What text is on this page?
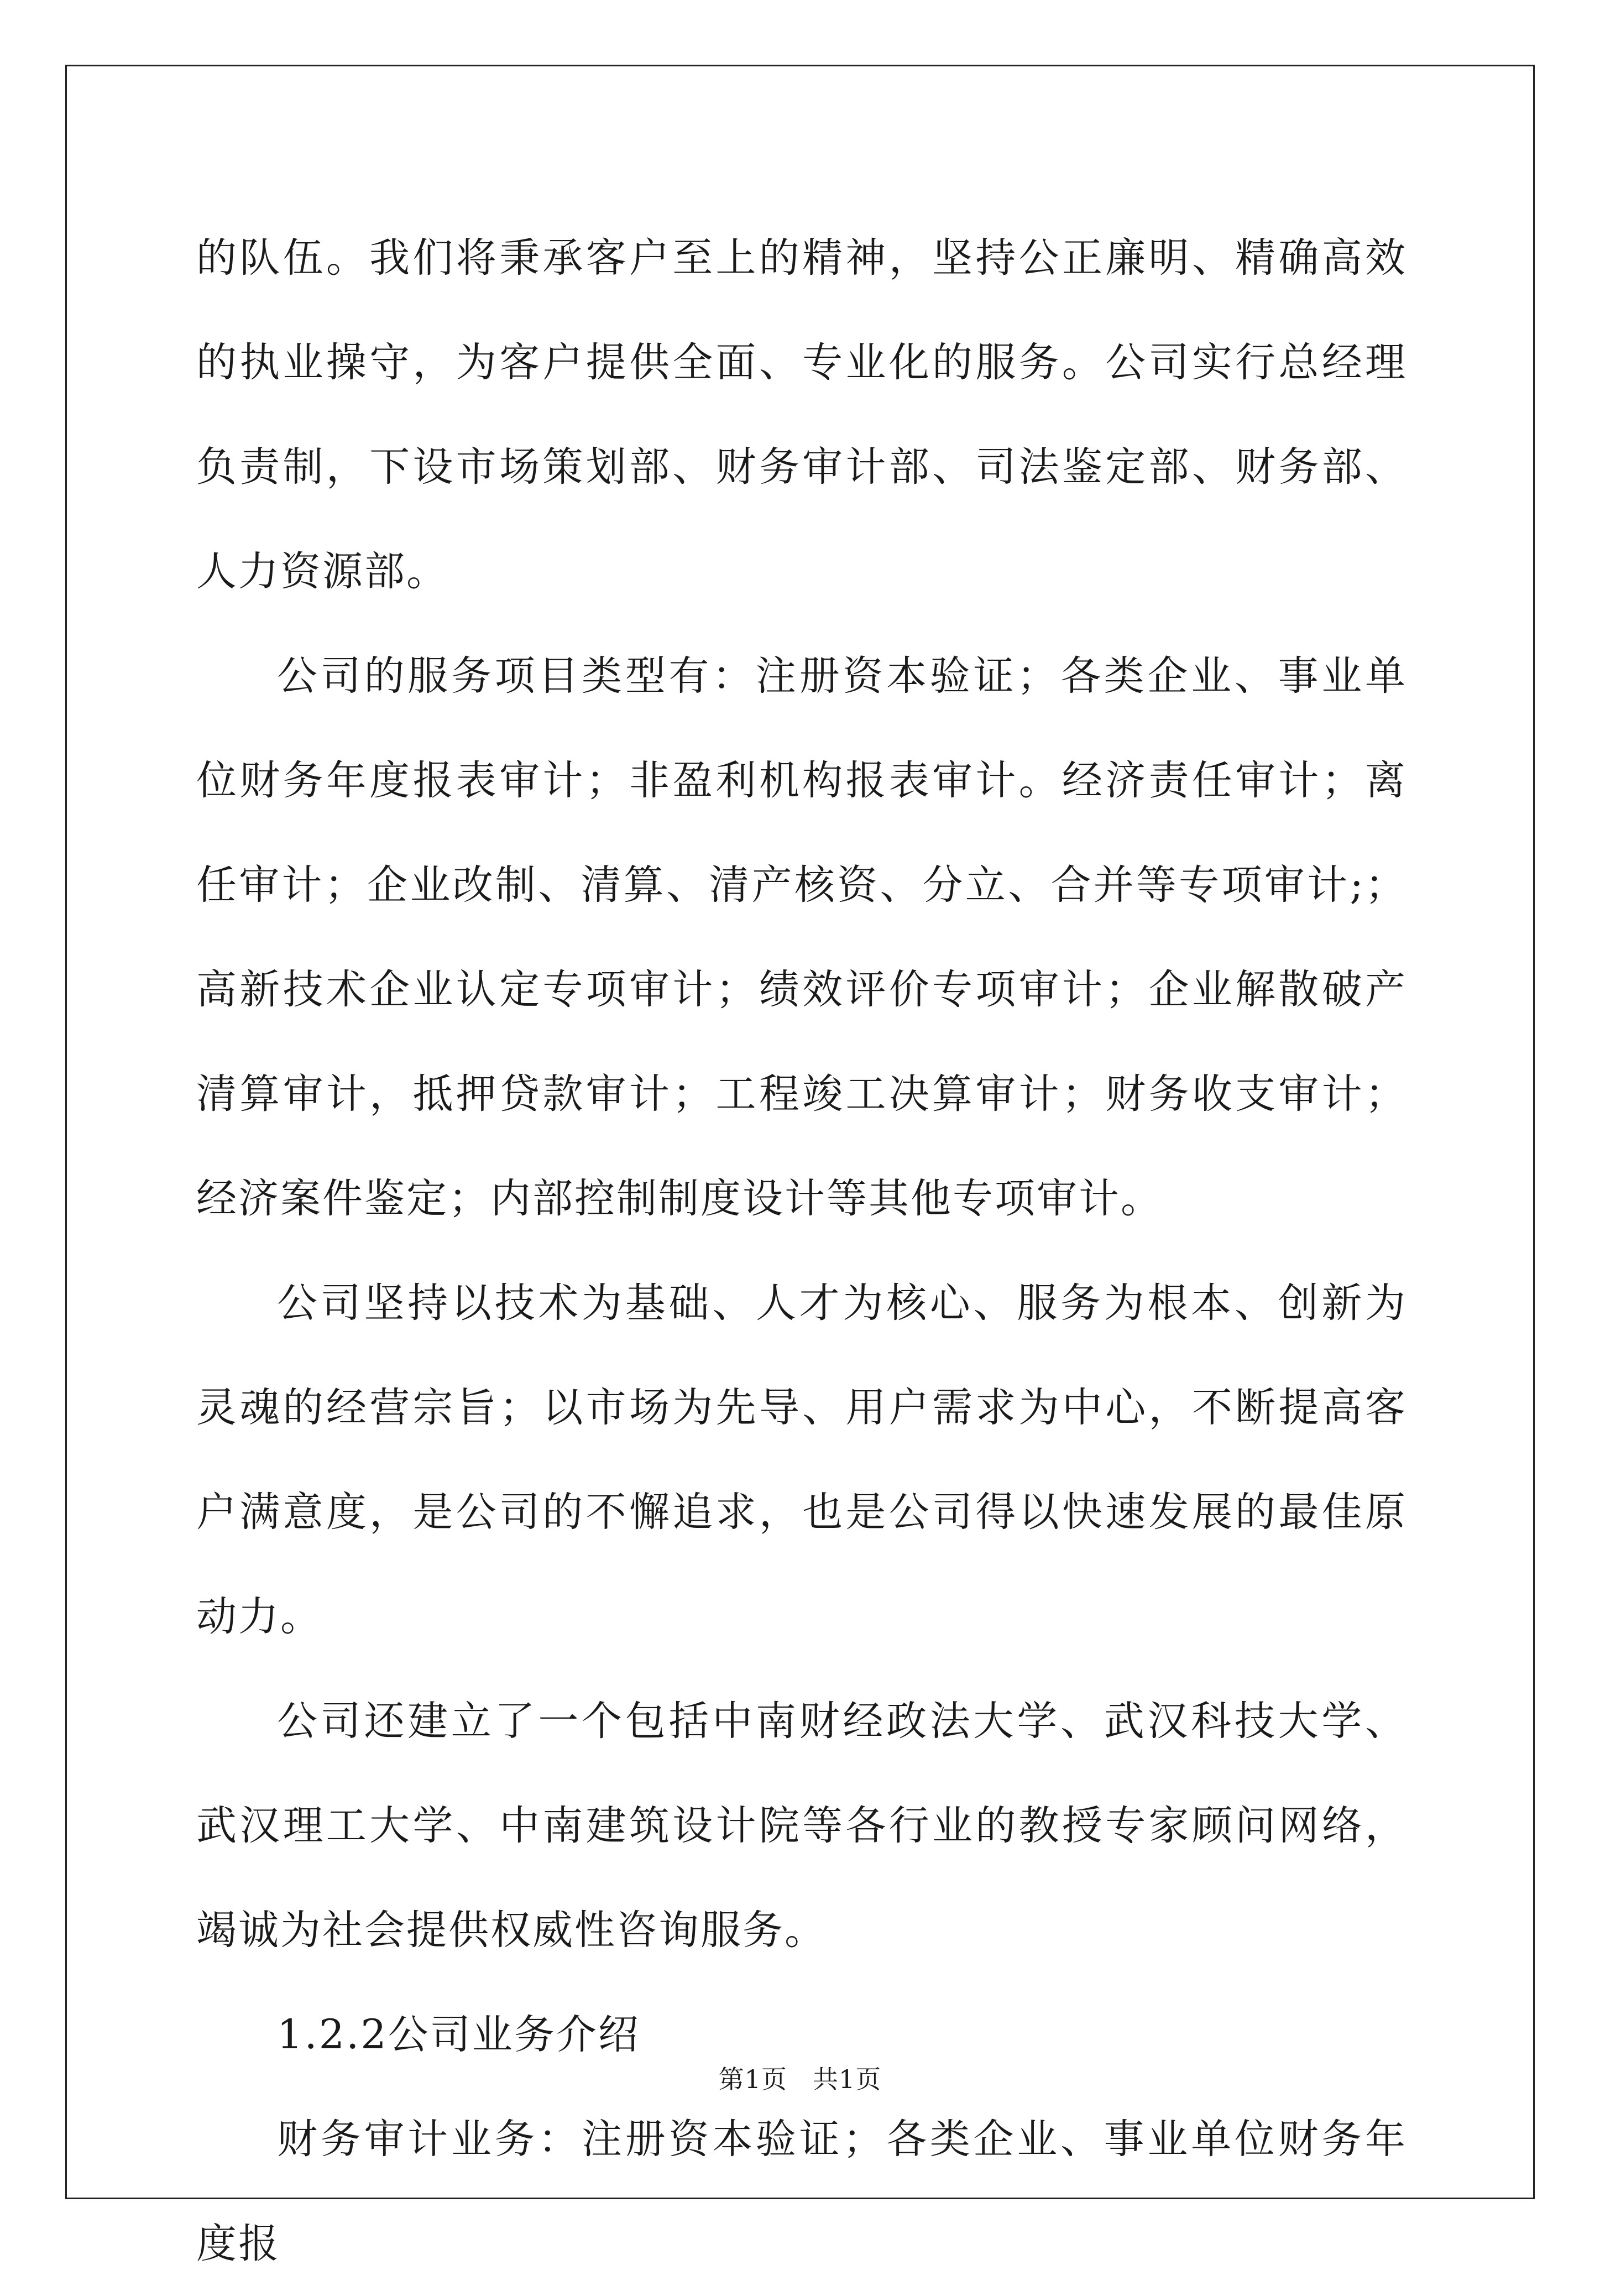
的队伍。我们将秉承客户至上的精神，坚持公正廉明、精确高效的执业操守，为客户提供全面、专业化的服务。公司实行总经理负责制，下设市场策划部、财务审计部、司法鉴定部、财务部、人力资源部。

公司的服务项目类型有：注册资本验证；各类企业、事业单位财务年度报表审计；非盈利机构报表审计。经济责任审计；离任审计；企业改制、清算、清产核资、分立、合并等专项审计;；高新技术企业认定专项审计；绩效评价专项审计；企业解散破产清算审计，抵押贷款审计；工程竣工决算审计；财务收支审计；经济案件鉴定；内部控制制度设计等其他专项审计。

公司坚持以技术为基础、人才为核心、服务为根本、创新为灵魂的经营宗旨；以市场为先导、用户需求为中心，不断提高客户满意度，是公司的不懈追求，也是公司得以快速发展的最佳原动力。

公司还建立了一个包括中南财经政法大学、武汉科技大学、武汉理工大学、中南建筑设计院等各行业的教授专家顾问网络，竭诚为社会提供权威性咨询服务。

1.2.2公司业务介绍

财务审计业务：注册资本验证；各类企业、事业单位财务年度报

第1页 共1页
